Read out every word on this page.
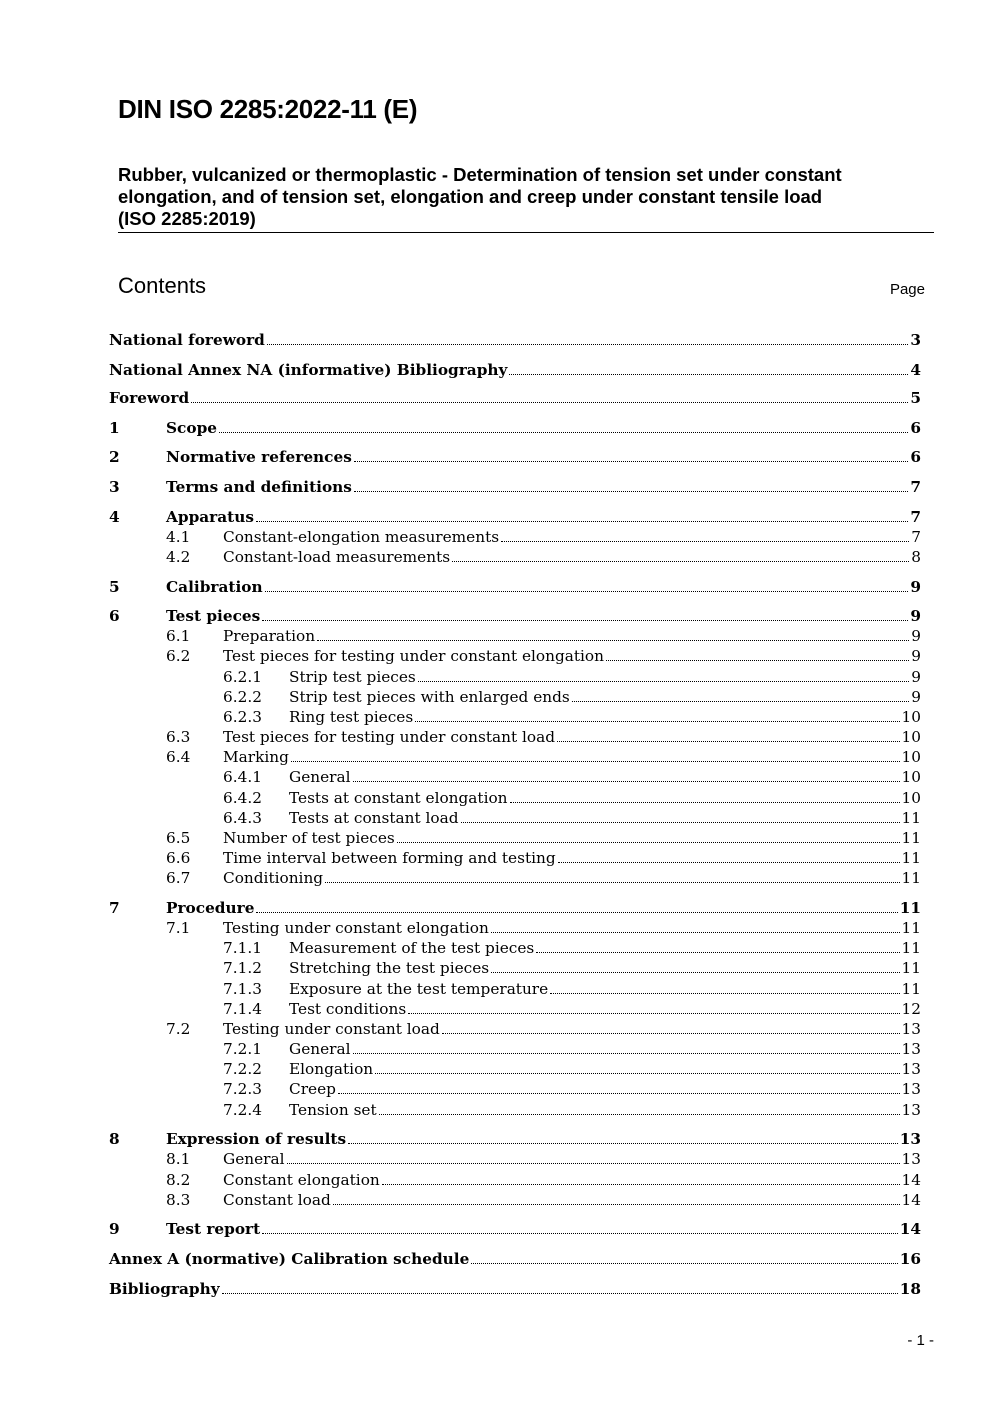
DIN ISO 2285:2022-11 (E)
Rubber, vulcanized or thermoplastic - Determination of tension set under constant
elongation, and of tension set, elongation and creep under constant tensile load
(ISO 2285:2019)
Contents	Page
National foreword	3
National Annex NA (informative) Bibliography	4
Foreword	5
1	Scope	6
2	Normative references	6
3	Terms and definitions	7
4	Apparatus	7
4.1 Constant-elongation measurements	7
4.2 Constant-load measurements	8
5	Calibration	9
6	Test pieces	9
6.1 Preparation	9
6.2 Test pieces for testing under constant elongation	9
6.2.1 Strip test pieces	9
6.2.2 Strip test pieces with enlarged ends	9
6.2.3 Ring test pieces	10
6.3 Test pieces for testing under constant load	10
6.4 Marking	10
6.4.1 General	10
6.4.2 Tests at constant elongation	10
6.4.3 Tests at constant load	11
6.5 Number of test pieces	11
6.6 Time interval between forming and testing	11
6.7 Conditioning	11
7	Procedure	11
7.1 Testing under constant elongation	11
7.1.1 Measurement of the test pieces	11
7.1.2 Stretching the test pieces	11
7.1.3 Exposure at the test temperature	11
7.1.4 Test conditions	12
7.2 Testing under constant load	13
7.2.1 General	13
7.2.2 Elongation	13
7.2.3 Creep	13
7.2.4 Tension set	13
8	Expression of results	13
8.1 General	13
8.2 Constant elongation	14
8.3 Constant load	14
9	Test report	14
Annex A (normative) Calibration schedule	16
Bibliography	18
- 1 -
